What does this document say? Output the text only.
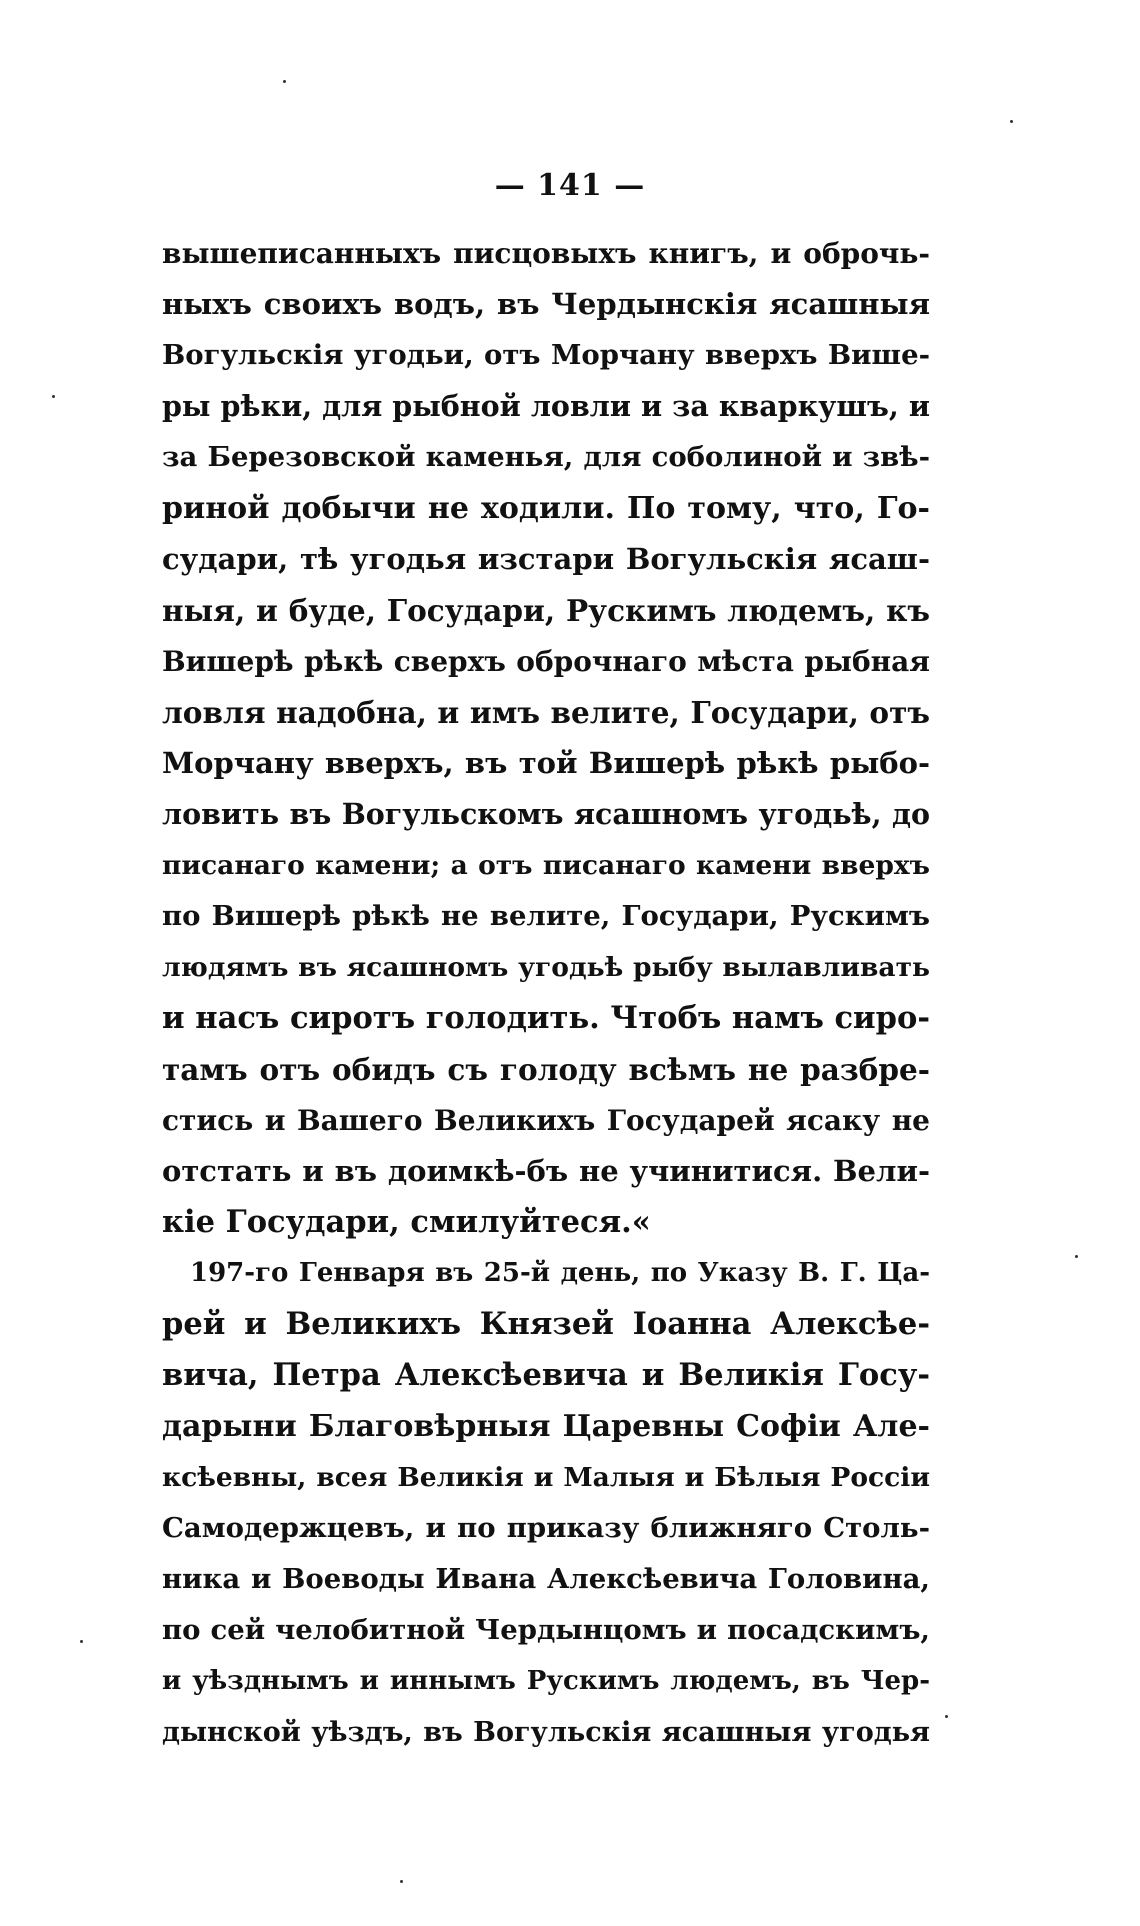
— 141 —
вышеписанныхъ писцовыхъ книгъ, и оброчь-
ныхъ своихъ водъ, въ Чердынскія ясашныя
Вогульскія угодьи, отъ Морчану вверхъ Више-
ры рѣки, для рыбной ловли и за кваркушъ, и
за Березовской каменья, для соболиной и звѣ-
риной добычи не ходили. По тому, что, Го-
судари, тѣ угодья изстари Вогульскія ясаш-
ныя, и буде, Государи, Рускимъ людемъ, къ
Вишерѣ рѣкѣ сверхъ оброчнаго мѣста рыбная
ловля надобна, и имъ велите, Государи, отъ
Морчану вверхъ, въ той Вишерѣ рѣкѣ рыбо-
ловить въ Вогульскомъ ясашномъ угодьѣ, до
писанаго камени; а отъ писанаго камени вверхъ
по Вишерѣ рѣкѣ не велите, Государи, Рускимъ
людямъ въ ясашномъ угодьѣ рыбу вылавливать
и насъ сиротъ голодить. Чтобъ намъ сиро-
тамъ отъ обидъ съ голоду всѣмъ не разбре-
стись и Вашего Великихъ Государей ясаку не
отстать и въ доимкѣ-бъ не учинитися. Вели-
кіе Государи, смилуйтеся.«
197-го Генваря въ 25-й день, по Указу В. Г. Ца-
рей и Великихъ Князей Іоанна Алексѣе-
вича, Петра Алексѣевича и Великія Госу-
дарыни Благовѣрныя Царевны Софіи Але-
ксѣевны, всея Великія и Малыя и Бѣлыя Россіи
Самодержцевъ, и по приказу ближняго Столь-
ника и Воеводы Ивана Алексѣевича Головина,
по сей челобитной Чердынцомъ и посадскимъ,
и уѣзднымъ и иннымъ Рускимъ людемъ, въ Чер-
дынской уѣздъ, въ Вогульскія ясашныя угодья
